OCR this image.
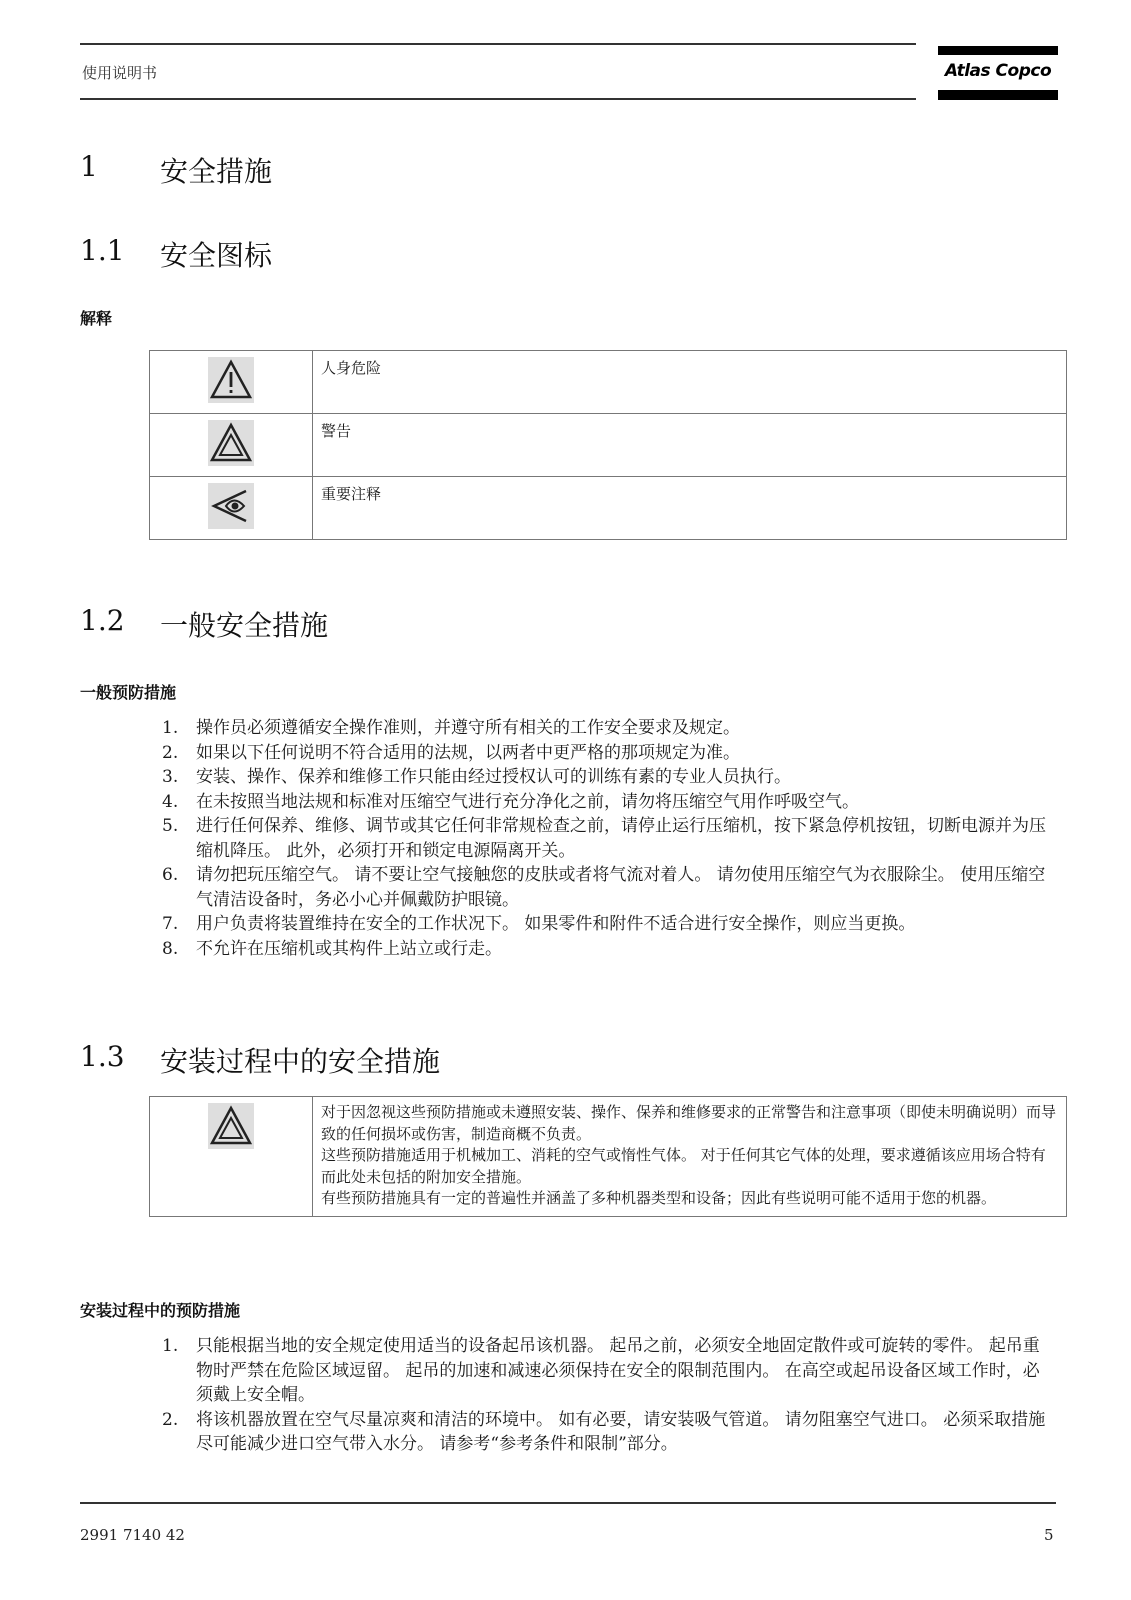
使用说明书	Atlas Copco
1 安全措施
1.1 安全图标
解释
	人身危险
	警告
	重要注释
1.2 一般安全措施
一般预防措施
1. 操作员必须遵循安全操作准则，并遵守所有相关的工作安全要求及规定。
2. 如果以下任何说明不符合适用的法规，以两者中更严格的那项规定为准。
3. 安装、操作、保养和维修工作只能由经过授权认可的训练有素的专业人员执行。
4. 在未按照当地法规和标准对压缩空气进行充分净化之前，请勿将压缩空气用作呼吸空气。
5. 进行任何保养、维修、调节或其它任何非常规检查之前，请停止运行压缩机，按下紧急停机按钮，切断电源并为压缩机降压。 此外，必须打开和锁定电源隔离开关。
6. 请勿把玩压缩空气。 请不要让空气接触您的皮肤或者将气流对着人。 请勿使用压缩空气为衣服除尘。 使用压缩空气清洁设备时，务必小心并佩戴防护眼镜。
7. 用户负责将装置维持在安全的工作状况下。 如果零件和附件不适合进行安全操作，则应当更换。
8. 不允许在压缩机或其构件上站立或行走。
1.3 安装过程中的安全措施

对于因忽视这些预防措施或未遵照安装、操作、保养和维修要求的正常警告和注意事项（即使未明确说明）而导致的任何损坏或伤害，制造商概不负责。
这些预防措施适用于机械加工、消耗的空气或惰性气体。 对于任何其它气体的处理，要求遵循该应用场合特有而此处未包括的附加安全措施。
有些预防措施具有一定的普遍性并涵盖了多种机器类型和设备；因此有些说明可能不适用于您的机器。
安装过程中的预防措施
1. 只能根据当地的安全规定使用适当的设备起吊该机器。 起吊之前，必须安全地固定散件或可旋转的零件。 起吊重物时严禁在危险区域逗留。 起吊的加速和减速必须保持在安全的限制范围内。 在高空或起吊设备区域工作时，必须戴上安全帽。
2. 将该机器放置在空气尽量凉爽和清洁的环境中。 如有必要，请安装吸气管道。 请勿阻塞空气进口。 必须采取措施尽可能减少进口空气带入水分。 请参考“参考条件和限制”部分。
2991 7140 42	5
